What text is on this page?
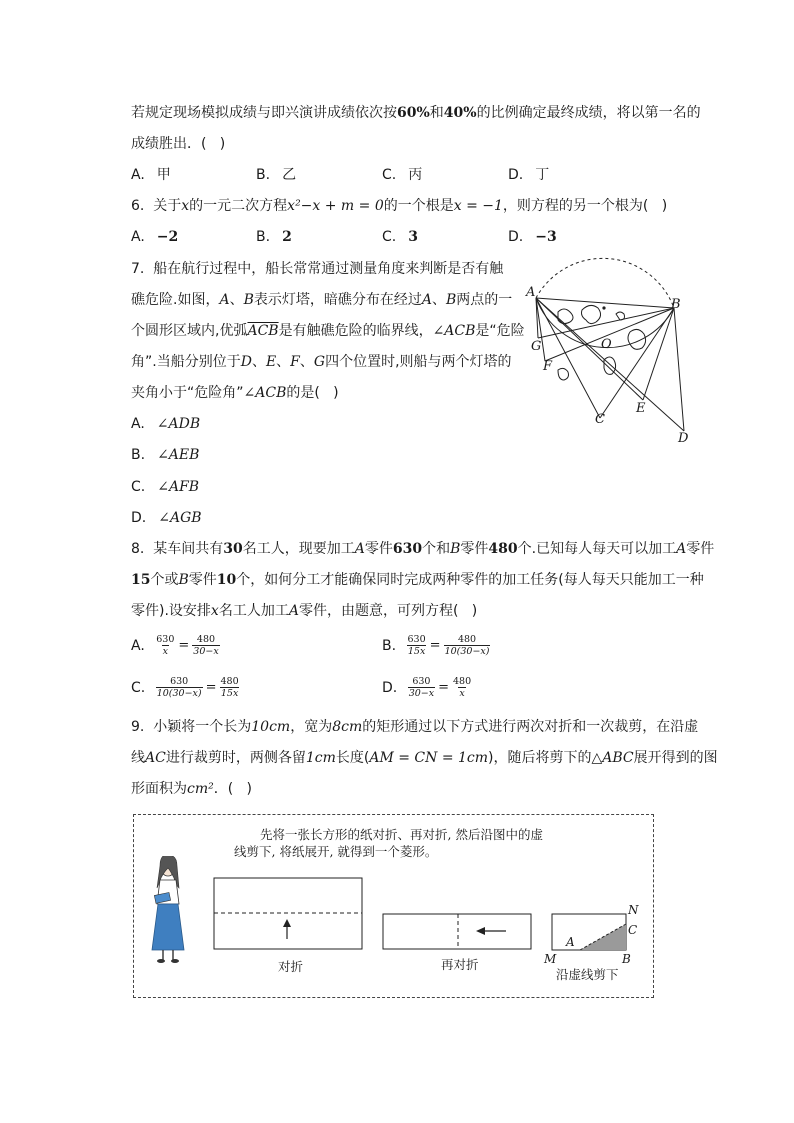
若规定现场模拟成绩与即兴演讲成绩依次按60%和40%的比例确定最终成绩，将以第一名的
成绩胜出．(   )
A. 甲	B. 乙	C. 丙	D. 丁
6. 关于x的一元二次方程x²−x + m = 0的一个根是x = −1，则方程的另一个根为(   )
A. −2	B. 2	C. 3	D. −3
7. 船在航行过程中，船长常常通过测量角度来判断是否有触
礁危险.如图，A、B表示灯塔，暗礁分布在经过A、B两点的一
个圆形区域内,优弧$\overline{ACB}$是有触礁危险的临界线，∠ACB是“危险
角”.当船分别位于D、E、F、G四个位置时,则船与两个灯塔的
夹角小于“危险角”∠ACB的是(   )
A. ∠ADB
B. ∠AEB
C. ∠AFB
D. ∠AGB
A
B
C
D
E
F
G	O
8. 某车间共有30名工人，现要加工A零件630个和B零件480个.已知每人每天可以加工A零件
15个或B零件10个，如何分工才能确保同时完成两种零件的加工任务(每人每天只能加工一种
零件).设安排x名工人加工A零件，由题意，可列方程(   )
A. $\frac{630}{x} = \frac{480}{30-x}$	B. $\frac{630}{15x} = \frac{480}{10(30-x)}$
C. $\frac{630}{10(30-x)} = \frac{480}{15x}$	D. $\frac{630}{30-x} = \frac{480}{x}$
9. 小颖将一个长为10cm，宽为8cm的矩形通过以下方式进行两次对折和一次裁剪，在沿虚
线AC进行裁剪时，两侧各留1cm长度(AM = CN = 1cm)，随后将剪下的△ABC展开得到的图
形面积为cm²．(   )
先将一张长方形的纸对折、再对折, 然后沿图中的虚
线剪下, 将纸展开, 就得到一个菱形。
对折	再对折
N
C
A
M	B
沿虚线剪下
